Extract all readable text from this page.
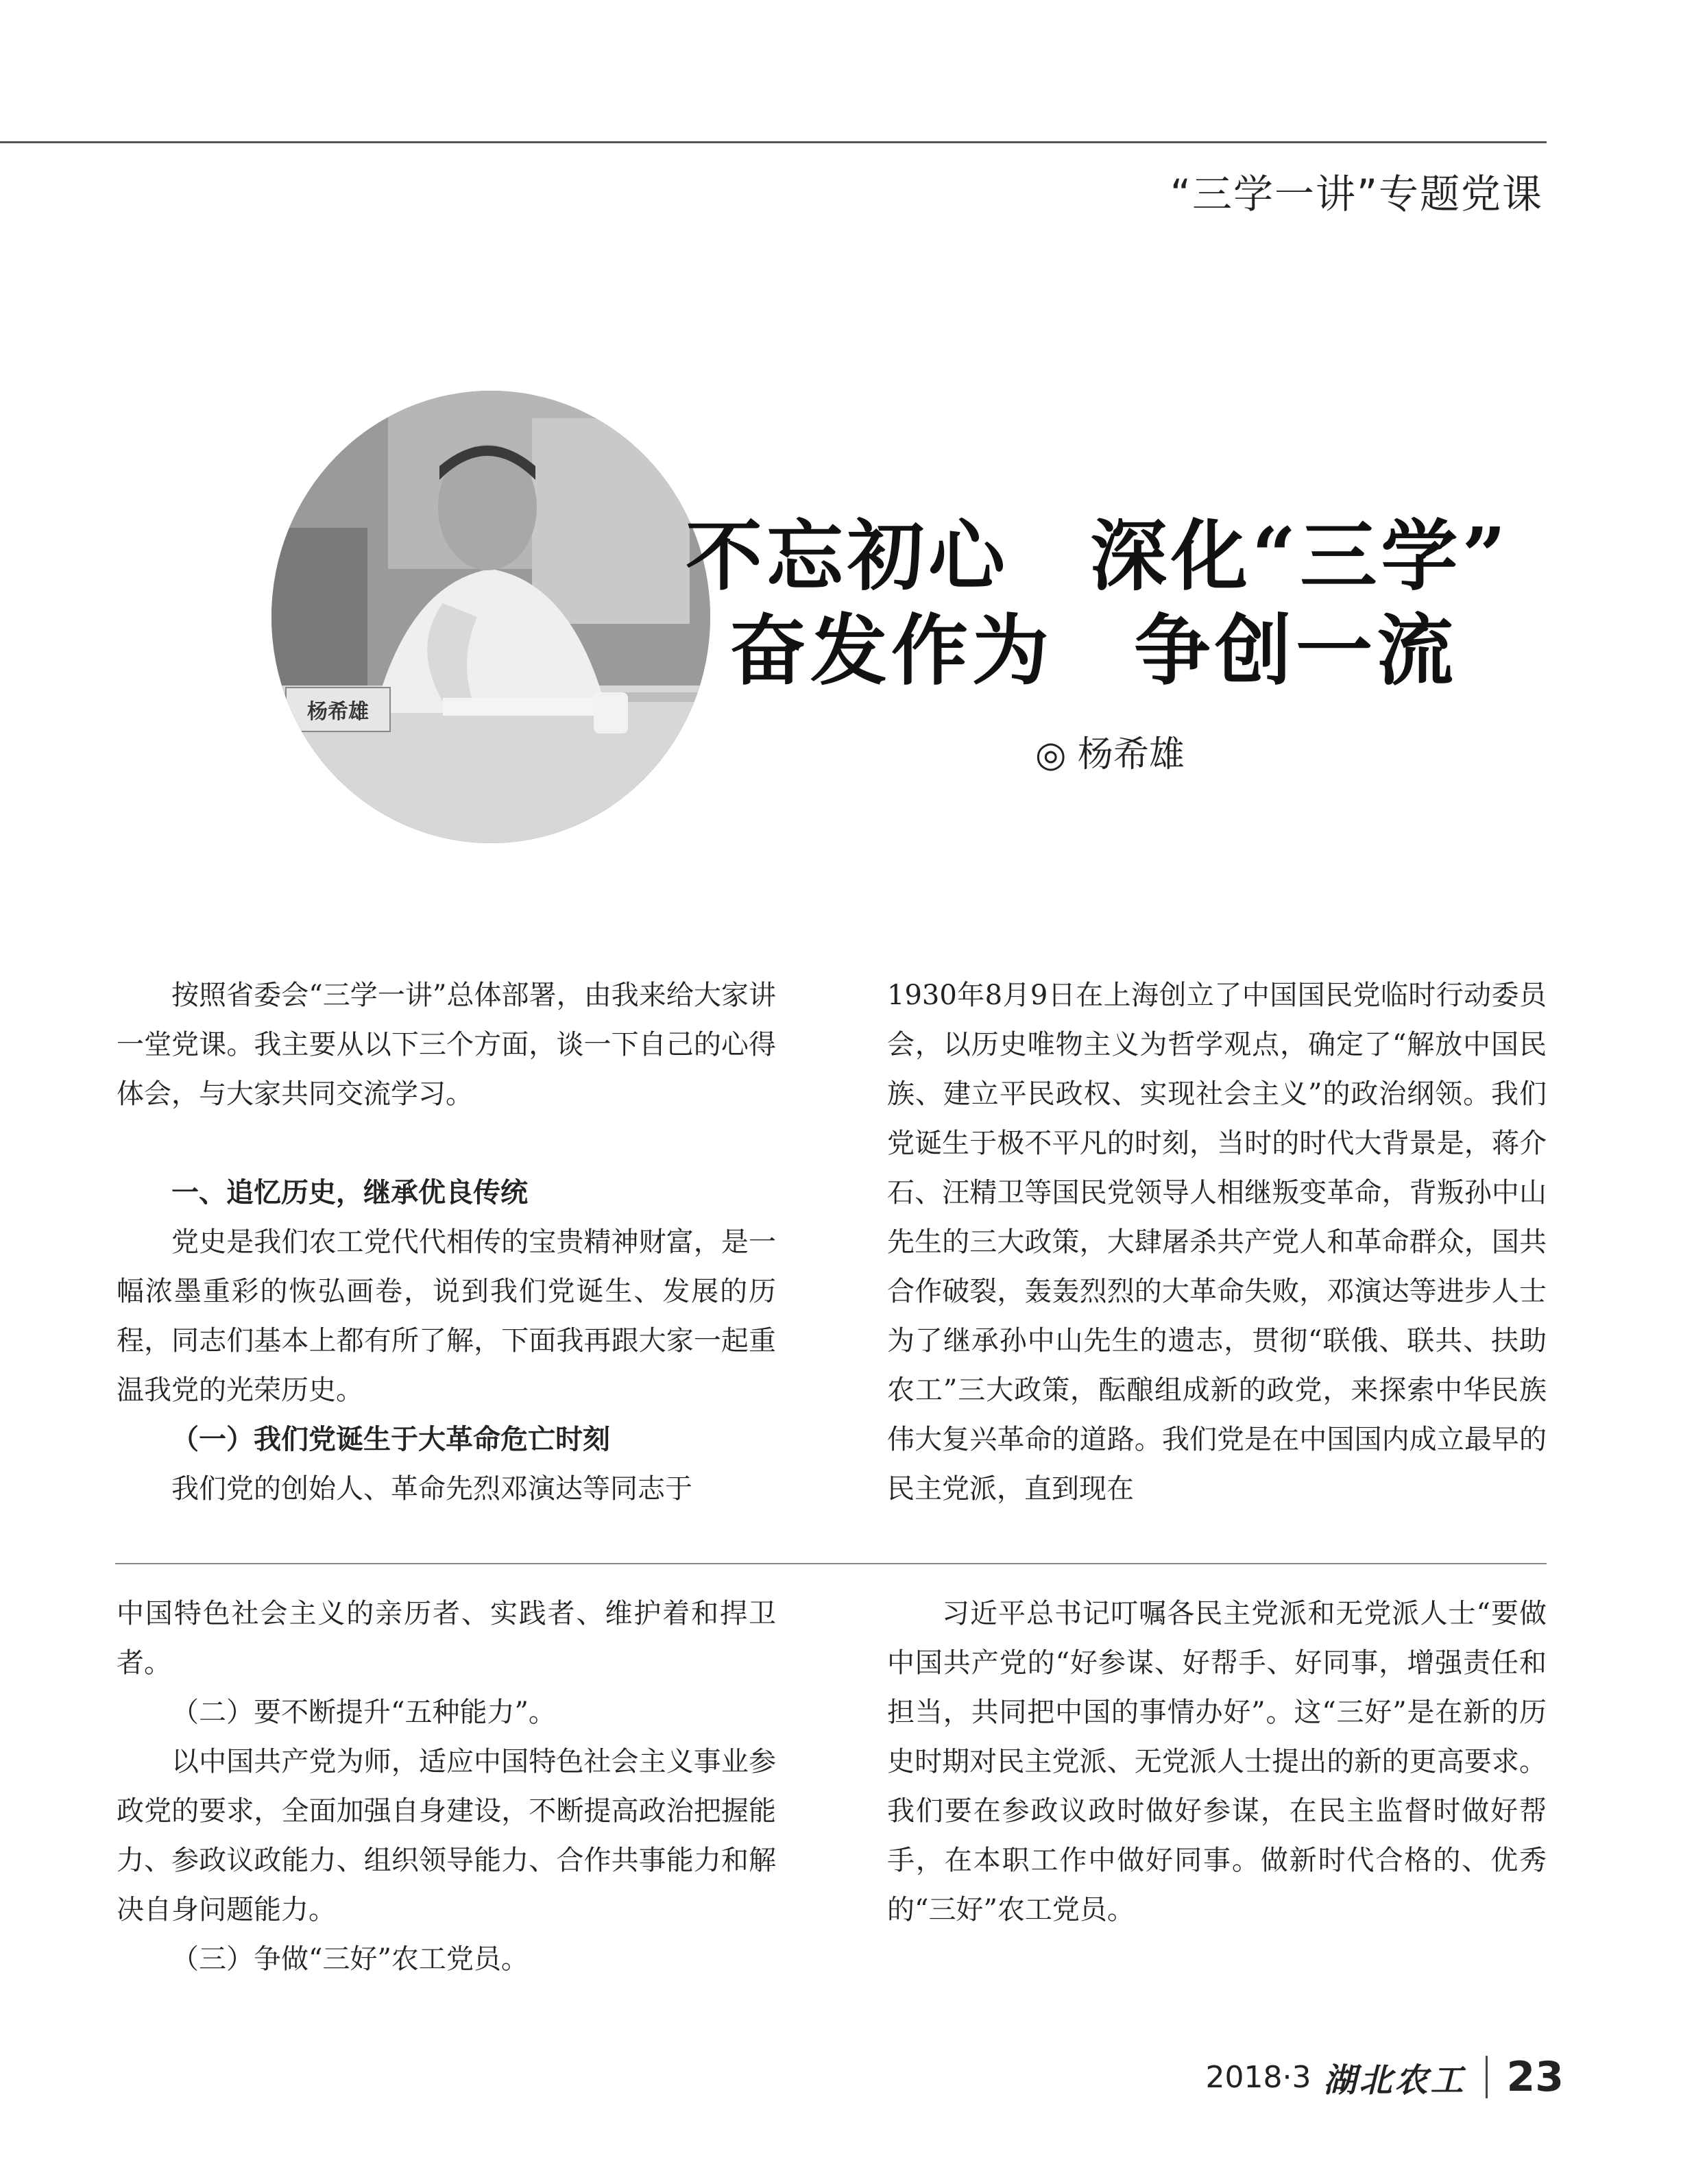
“三学一讲”专题党课
杨希雄
不忘初心　深化“三学”
奋发作为　争创一流
◎ 杨希雄

按照省委会“三学一讲”总体部署，由我来给大家讲一堂党课。我主要从以下三个方面，谈一下自己的心得体会，与大家共同交流学习。

一、追忆历史，继承优良传统

党史是我们农工党代代相传的宝贵精神财富，是一幅浓墨重彩的恢弘画卷，说到我们党诞生、发展的历程，同志们基本上都有所了解，下面我再跟大家一起重温我党的光荣历史。

（一）我们党诞生于大革命危亡时刻

我们党的创始人、革命先烈邓演达等同志于

1930年8月9日在上海创立了中国国民党临时行动委员会，以历史唯物主义为哲学观点，确定了“解放中国民族、建立平民政权、实现社会主义”的政治纲领。我们党诞生于极不平凡的时刻，当时的时代大背景是，蒋介石、汪精卫等国民党领导人相继叛变革命，背叛孙中山先生的三大政策，大肆屠杀共产党人和革命群众，国共合作破裂，轰轰烈烈的大革命失败，邓演达等进步人士为了继承孙中山先生的遗志，贯彻“联俄、联共、扶助农工”三大政策，酝酿组成新的政党，来探索中华民族伟大复兴革命的道路。我们党是在中国国内成立最早的民主党派，直到现在

中国特色社会主义的亲历者、实践者、维护着和捍卫者。

（二）要不断提升“五种能力”。

以中国共产党为师，适应中国特色社会主义事业参政党的要求，全面加强自身建设，不断提高政治把握能力、参政议政能力、组织领导能力、合作共事能力和解决自身问题能力。

（三）争做“三好”农工党员。

习近平总书记叮嘱各民主党派和无党派人士“要做中国共产党的“好参谋、好帮手、好同事，增强责任和担当，共同把中国的事情办好”。这“三好”是在新的历史时期对民主党派、无党派人士提出的新的更高要求。我们要在参政议政时做好参谋，在民主监督时做好帮手，在本职工作中做好同事。做新时代合格的、优秀的“三好”农工党员。

2018·3 湖北农工 23
